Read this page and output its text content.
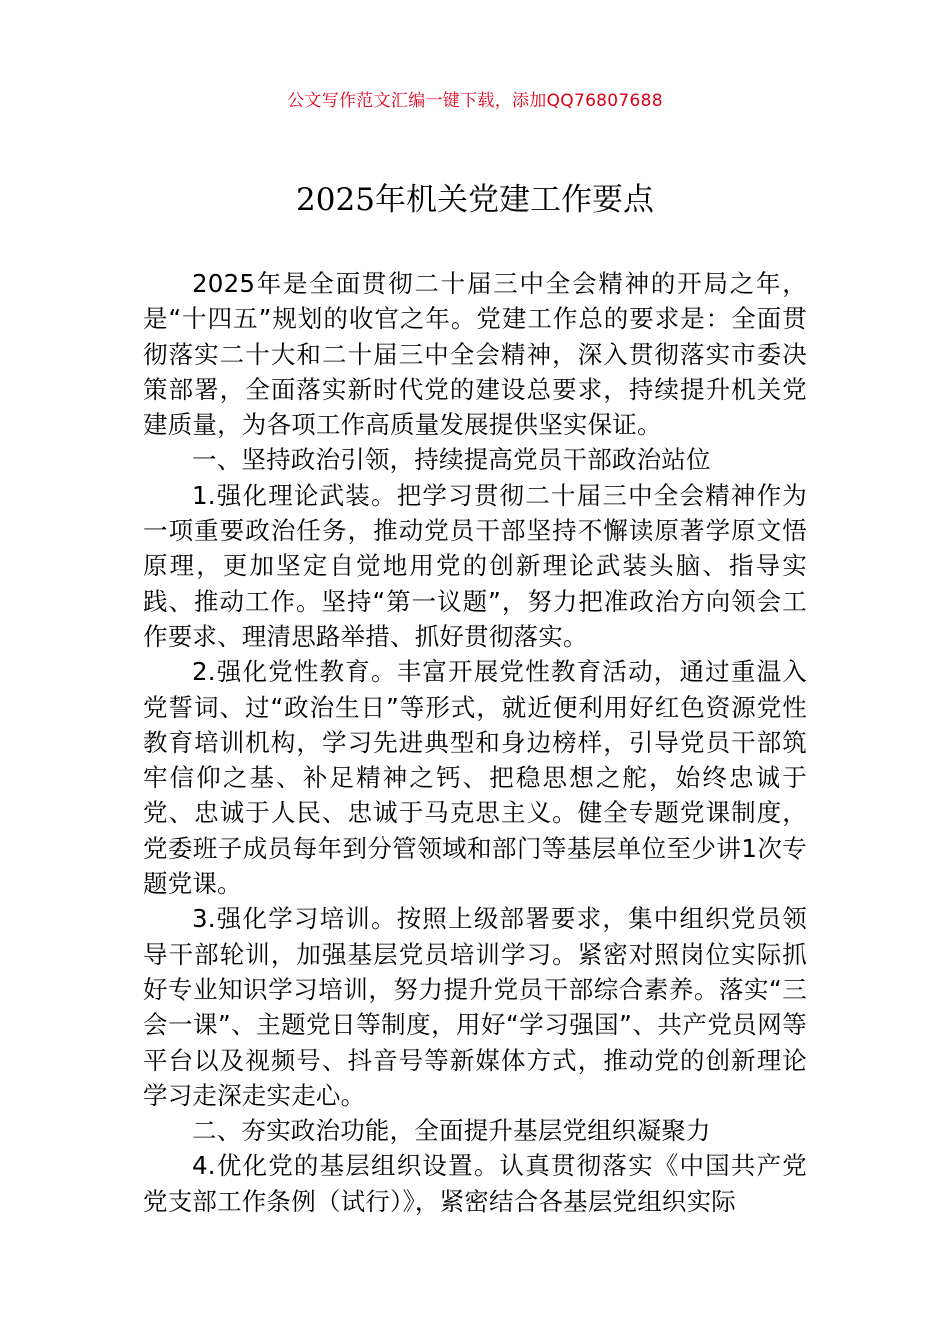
公文写作范文汇编一键下载，添加QQ76807688
2025年机关党建工作要点

2025年是全面贯彻二十届三中全会精神的开局之年，是“十四五”规划的收官之年。党建工作总的要求是：全面贯彻落实二十大和二十届三中全会精神，深入贯彻落实市委决策部署，全面落实新时代党的建设总要求，持续提升机关党建质量，为各项工作高质量发展提供坚实保证。

一、坚持政治引领，持续提高党员干部政治站位

1.强化理论武装。把学习贯彻二十届三中全会精神作为一项重要政治任务，推动党员干部坚持不懈读原著学原文悟原理，更加坚定自觉地用党的创新理论武装头脑、指导实践、推动工作。坚持“第一议题”，努力把准政治方向领会工作要求、理清思路举措、抓好贯彻落实。

2.强化党性教育。丰富开展党性教育活动，通过重温入党誓词、过“政治生日”等形式，就近便利用好红色资源党性教育培训机构，学习先进典型和身边榜样，引导党员干部筑牢信仰之基、补足精神之钙、把稳思想之舵，始终忠诚于党、忠诚于人民、忠诚于马克思主义。健全专题党课制度，党委班子成员每年到分管领域和部门等基层单位至少讲1次专题党课。

3.强化学习培训。按照上级部署要求，集中组织党员领导干部轮训，加强基层党员培训学习。紧密对照岗位实际抓好专业知识学习培训，努力提升党员干部综合素养。落实“三会一课”、主题党日等制度，用好“学习强国”、共产党员网等平台以及视频号、抖音号等新媒体方式，推动党的创新理论学习走深走实走心。

二、夯实政治功能，全面提升基层党组织凝聚力

4.优化党的基层组织设置。认真贯彻落实《中国共产党党支部工作条例（试行）》，紧密结合各基层党组织实际
